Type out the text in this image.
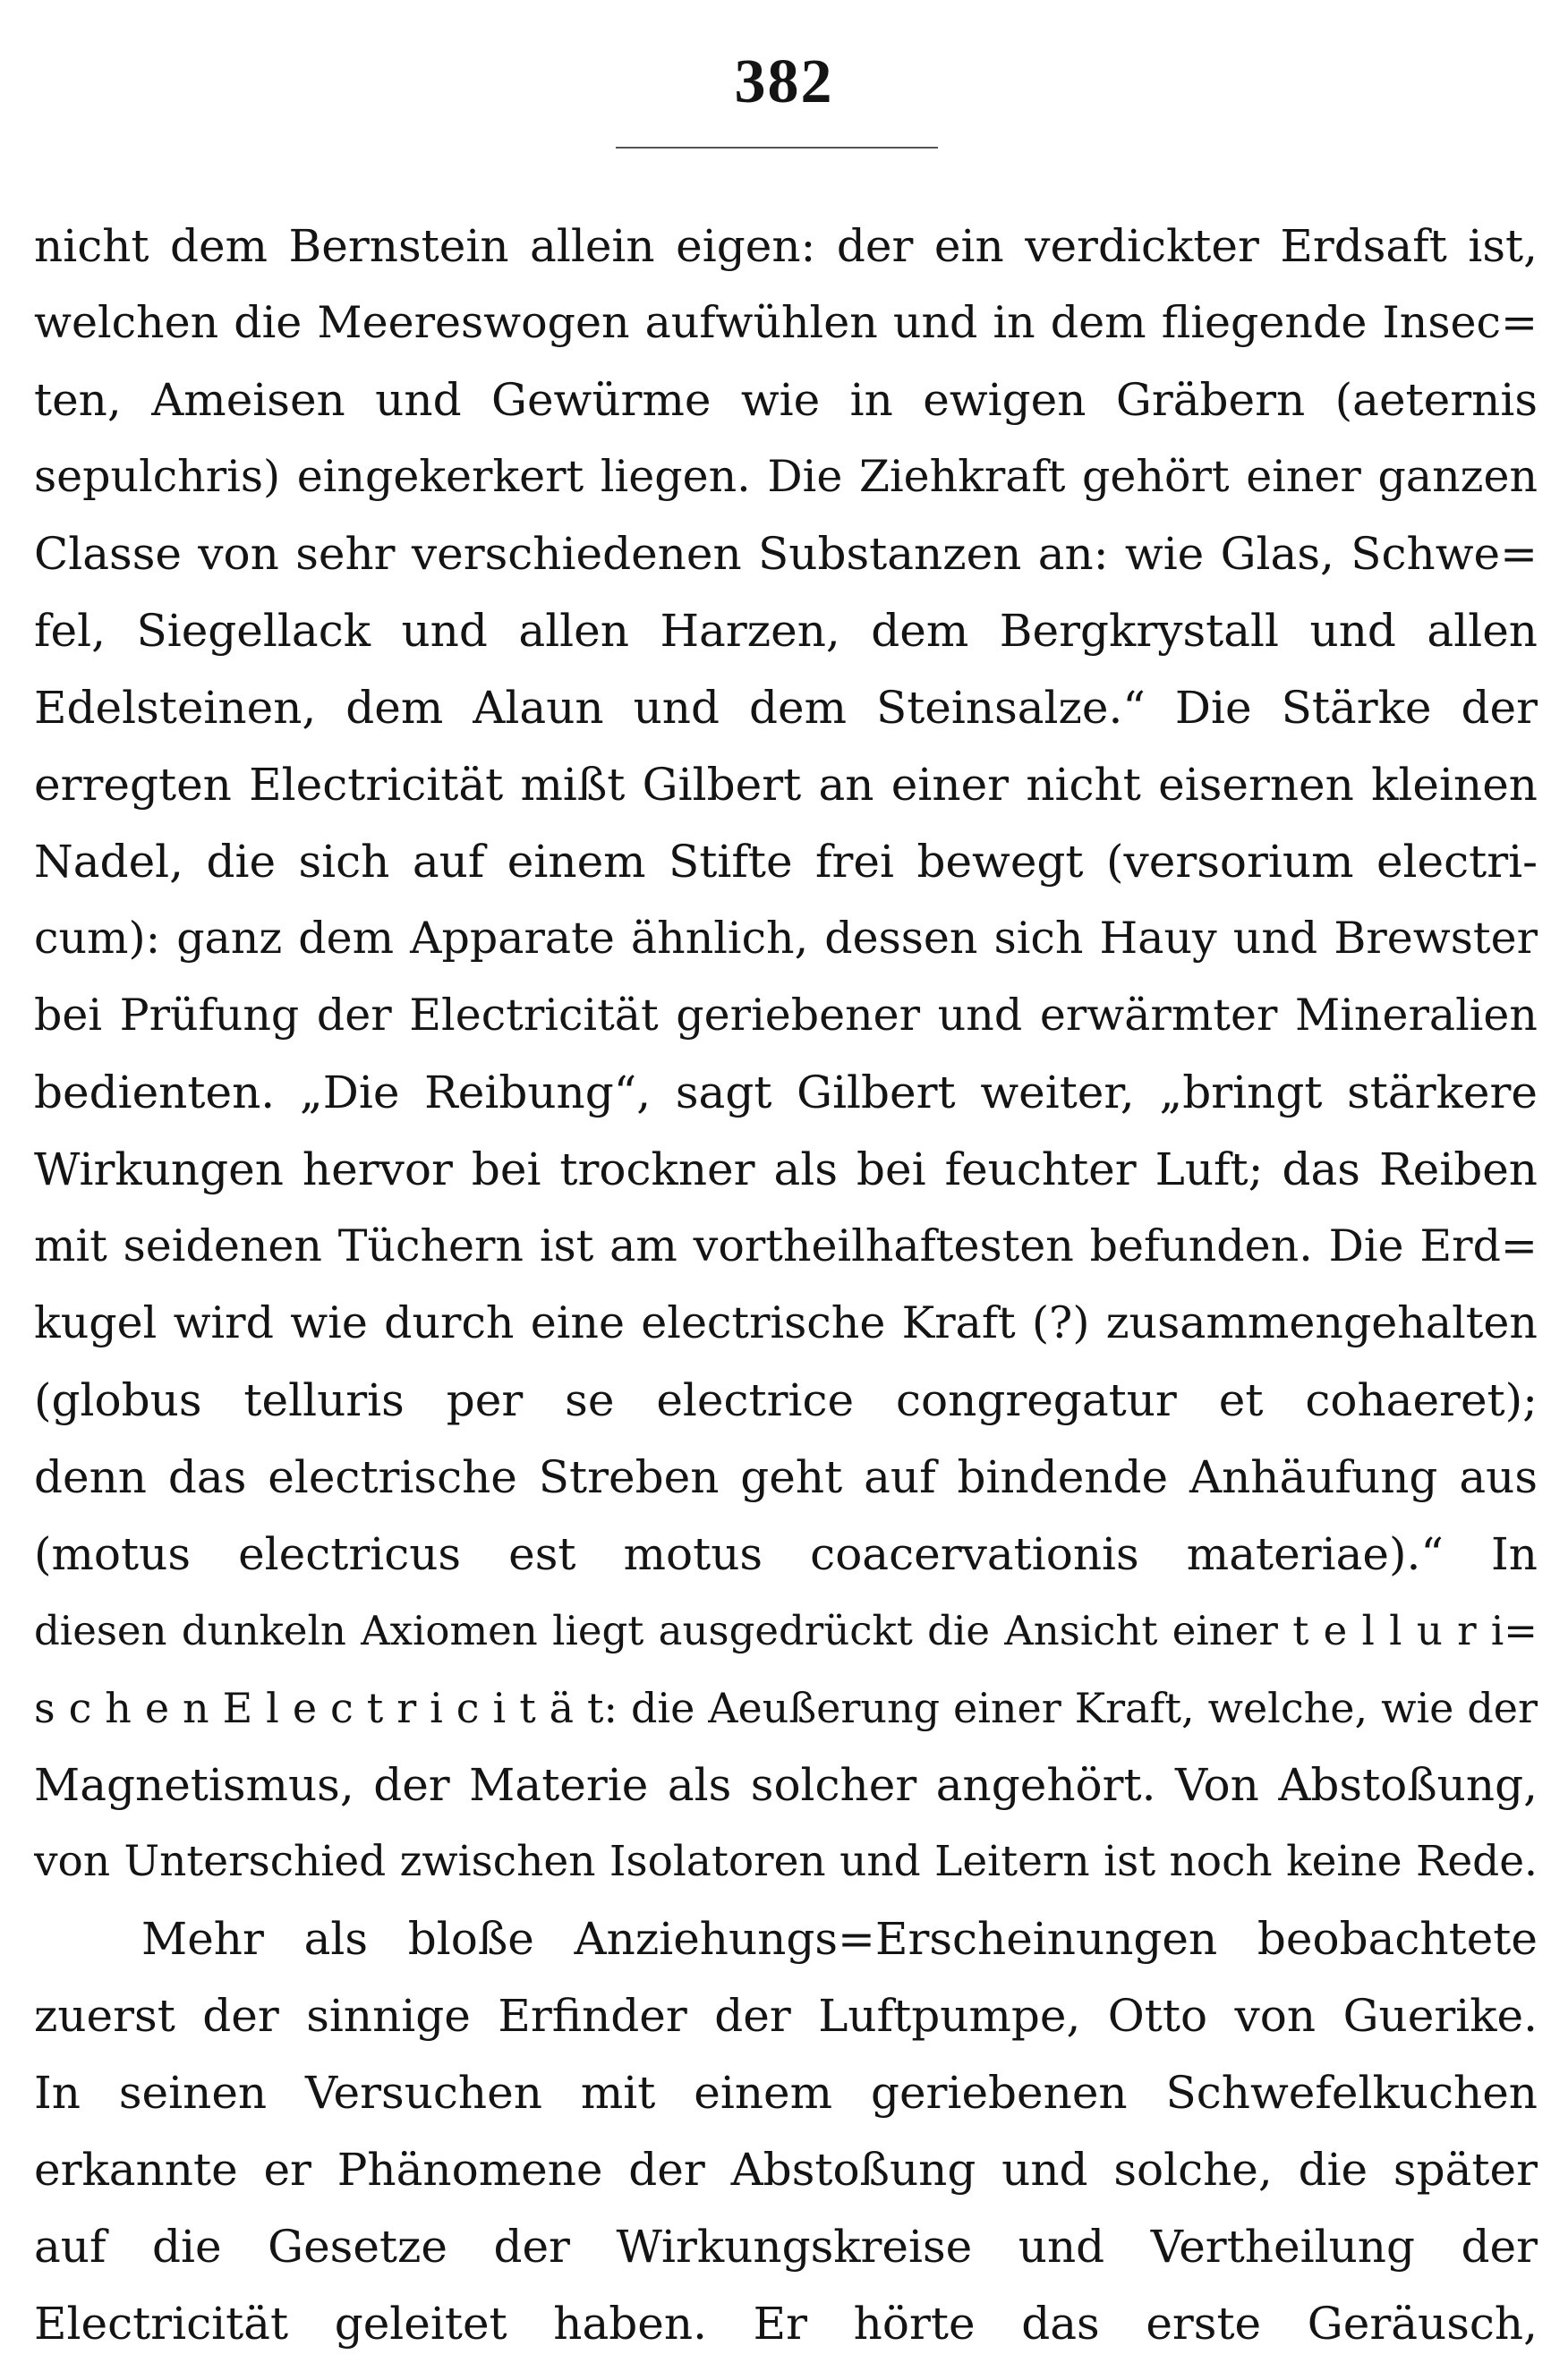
382
nicht dem Bernstein allein eigen: der ein verdickter Erdsaft ist,
welchen die Meereswogen aufwühlen und in dem fliegende Insec=
ten, Ameisen und Gewürme wie in ewigen Gräbern (aeternis
sepulchris) eingekerkert liegen. Die Ziehkraft gehört einer ganzen
Classe von sehr verschiedenen Substanzen an: wie Glas, Schwe=
fel, Siegellack und allen Harzen, dem Bergkrystall und allen
Edelsteinen, dem Alaun und dem Steinsalze.“ Die Stärke der
erregten Electricität mißt Gilbert an einer nicht eisernen kleinen
Nadel, die sich auf einem Stifte frei bewegt (versorium electri-
cum): ganz dem Apparate ähnlich, dessen sich Hauy und Brewster
bei Prüfung der Electricität geriebener und erwärmter Mineralien
bedienten. „Die Reibung“, sagt Gilbert weiter, „bringt stärkere
Wirkungen hervor bei trockner als bei feuchter Luft; das Reiben
mit seidenen Tüchern ist am vortheilhaftesten befunden. Die Erd=
kugel wird wie durch eine electrische Kraft (?) zusammengehalten
(globus telluris per se electrice congregatur et cohaeret);
denn das electrische Streben geht auf bindende Anhäufung aus
(motus electricus est motus coacervationis materiae).“ In
diesen dunkeln Axiomen liegt ausgedrückt die Ansicht einer t e l l u r i=
s c h e n E l e c t r i c i t ä t: die Aeußerung einer Kraft, welche, wie der
Magnetismus, der Materie als solcher angehört. Von Abstoßung,
von Unterschied zwischen Isolatoren und Leitern ist noch keine Rede.
Mehr als bloße Anziehungs=Erscheinungen beobachtete
zuerst der sinnige Erfinder der Luftpumpe, Otto von Guerike.
In seinen Versuchen mit einem geriebenen Schwefelkuchen
erkannte er Phänomene der Abstoßung und solche, die später
auf die Gesetze der Wirkungskreise und Vertheilung der
Electricität geleitet haben. Er hörte das erste Geräusch,
